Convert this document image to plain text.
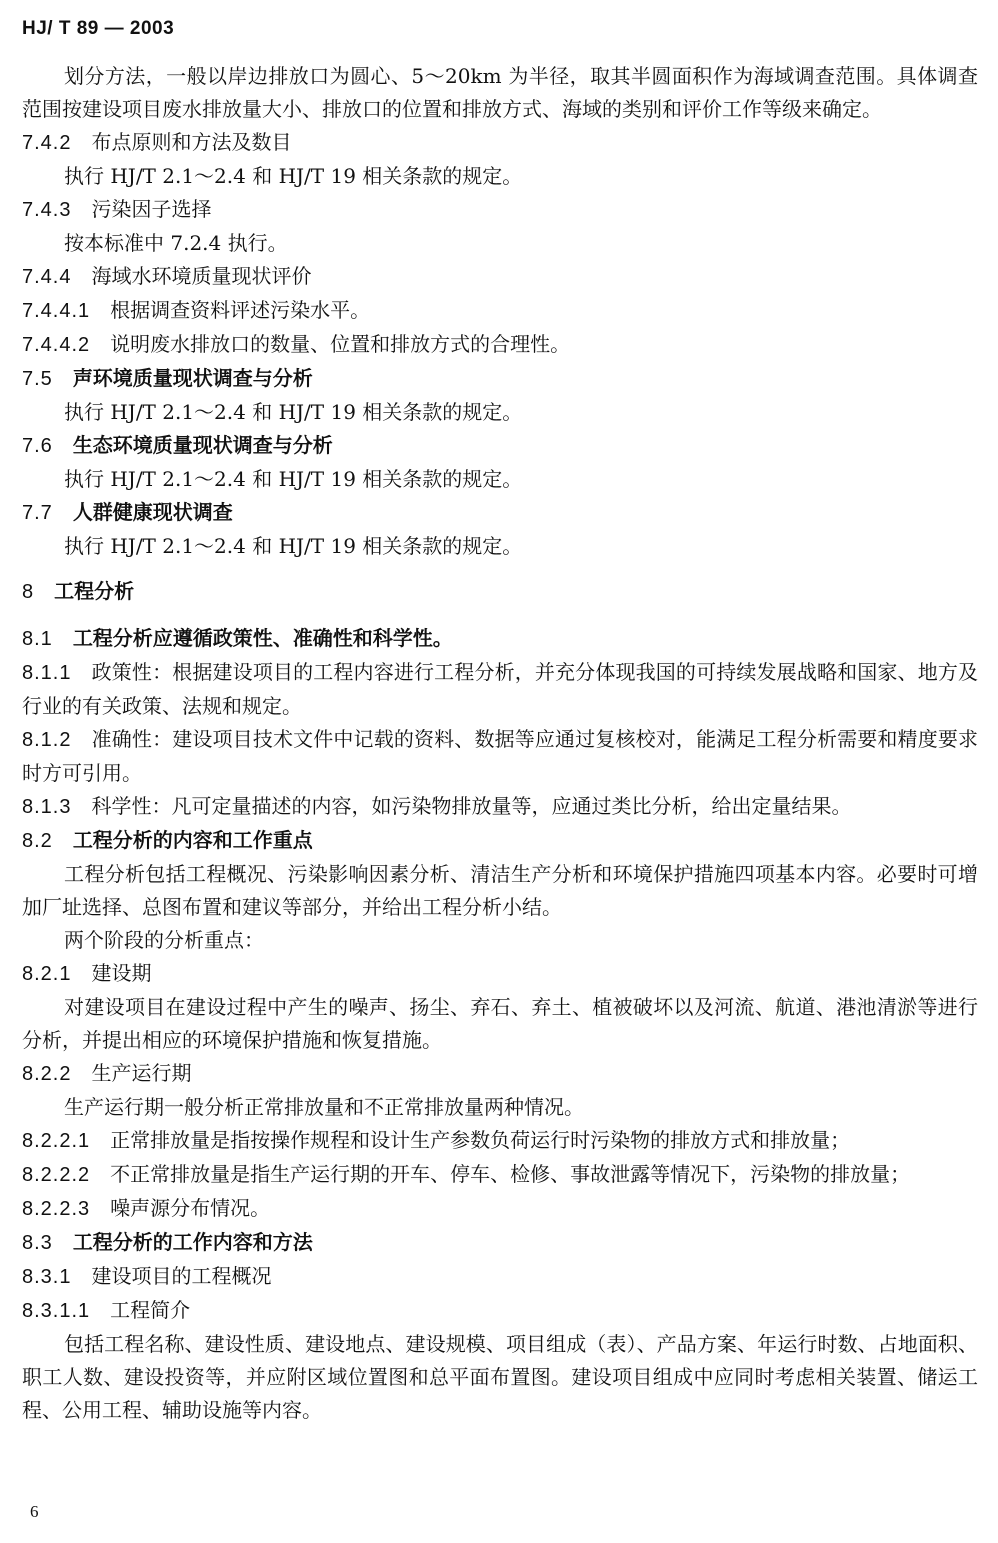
HJ/ T 89 — 2003

划分方法，一般以岸边排放口为圆心、5～20km 为半径，取其半圆面积作为海域调查范围。具体调查范围按建设项目废水排放量大小、排放口的位置和排放方式、海域的类别和评价工作等级来确定。

7.4.2 布点原则和方法及数目

执行 HJ/T 2.1～2.4 和 HJ/T 19 相关条款的规定。

7.4.3 污染因子选择

按本标准中 7.2.4 执行。

7.4.4 海域水环境质量现状评价

7.4.4.1 根据调查资料评述污染水平。

7.4.4.2 说明废水排放口的数量、位置和排放方式的合理性。

7.5 声环境质量现状调查与分析

执行 HJ/T 2.1～2.4 和 HJ/T 19 相关条款的规定。

7.6 生态环境质量现状调查与分析

执行 HJ/T 2.1～2.4 和 HJ/T 19 相关条款的规定。

7.7 人群健康现状调查

执行 HJ/T 2.1～2.4 和 HJ/T 19 相关条款的规定。

8 工程分析

8.1 工程分析应遵循政策性、准确性和科学性。

8.1.1 政策性：根据建设项目的工程内容进行工程分析，并充分体现我国的可持续发展战略和国家、地方及行业的有关政策、法规和规定。

8.1.2 准确性：建设项目技术文件中记载的资料、数据等应通过复核校对，能满足工程分析需要和精度要求时方可引用。

8.1.3 科学性：凡可定量描述的内容，如污染物排放量等，应通过类比分析，给出定量结果。

8.2 工程分析的内容和工作重点

工程分析包括工程概况、污染影响因素分析、清洁生产分析和环境保护措施四项基本内容。必要时可增加厂址选择、总图布置和建议等部分，并给出工程分析小结。

两个阶段的分析重点：

8.2.1 建设期

对建设项目在建设过程中产生的噪声、扬尘、弃石、弃土、植被破坏以及河流、航道、港池清淤等进行分析，并提出相应的环境保护措施和恢复措施。

8.2.2 生产运行期

生产运行期一般分析正常排放量和不正常排放量两种情况。

8.2.2.1 正常排放量是指按操作规程和设计生产参数负荷运行时污染物的排放方式和排放量；

8.2.2.2 不正常排放量是指生产运行期的开车、停车、检修、事故泄露等情况下，污染物的排放量；

8.2.2.3 噪声源分布情况。

8.3 工程分析的工作内容和方法

8.3.1 建设项目的工程概况

8.3.1.1 工程简介

包括工程名称、建设性质、建设地点、建设规模、项目组成（表）、产品方案、年运行时数、占地面积、职工人数、建设投资等，并应附区域位置图和总平面布置图。建设项目组成中应同时考虑相关装置、储运工程、公用工程、辅助设施等内容。

6
